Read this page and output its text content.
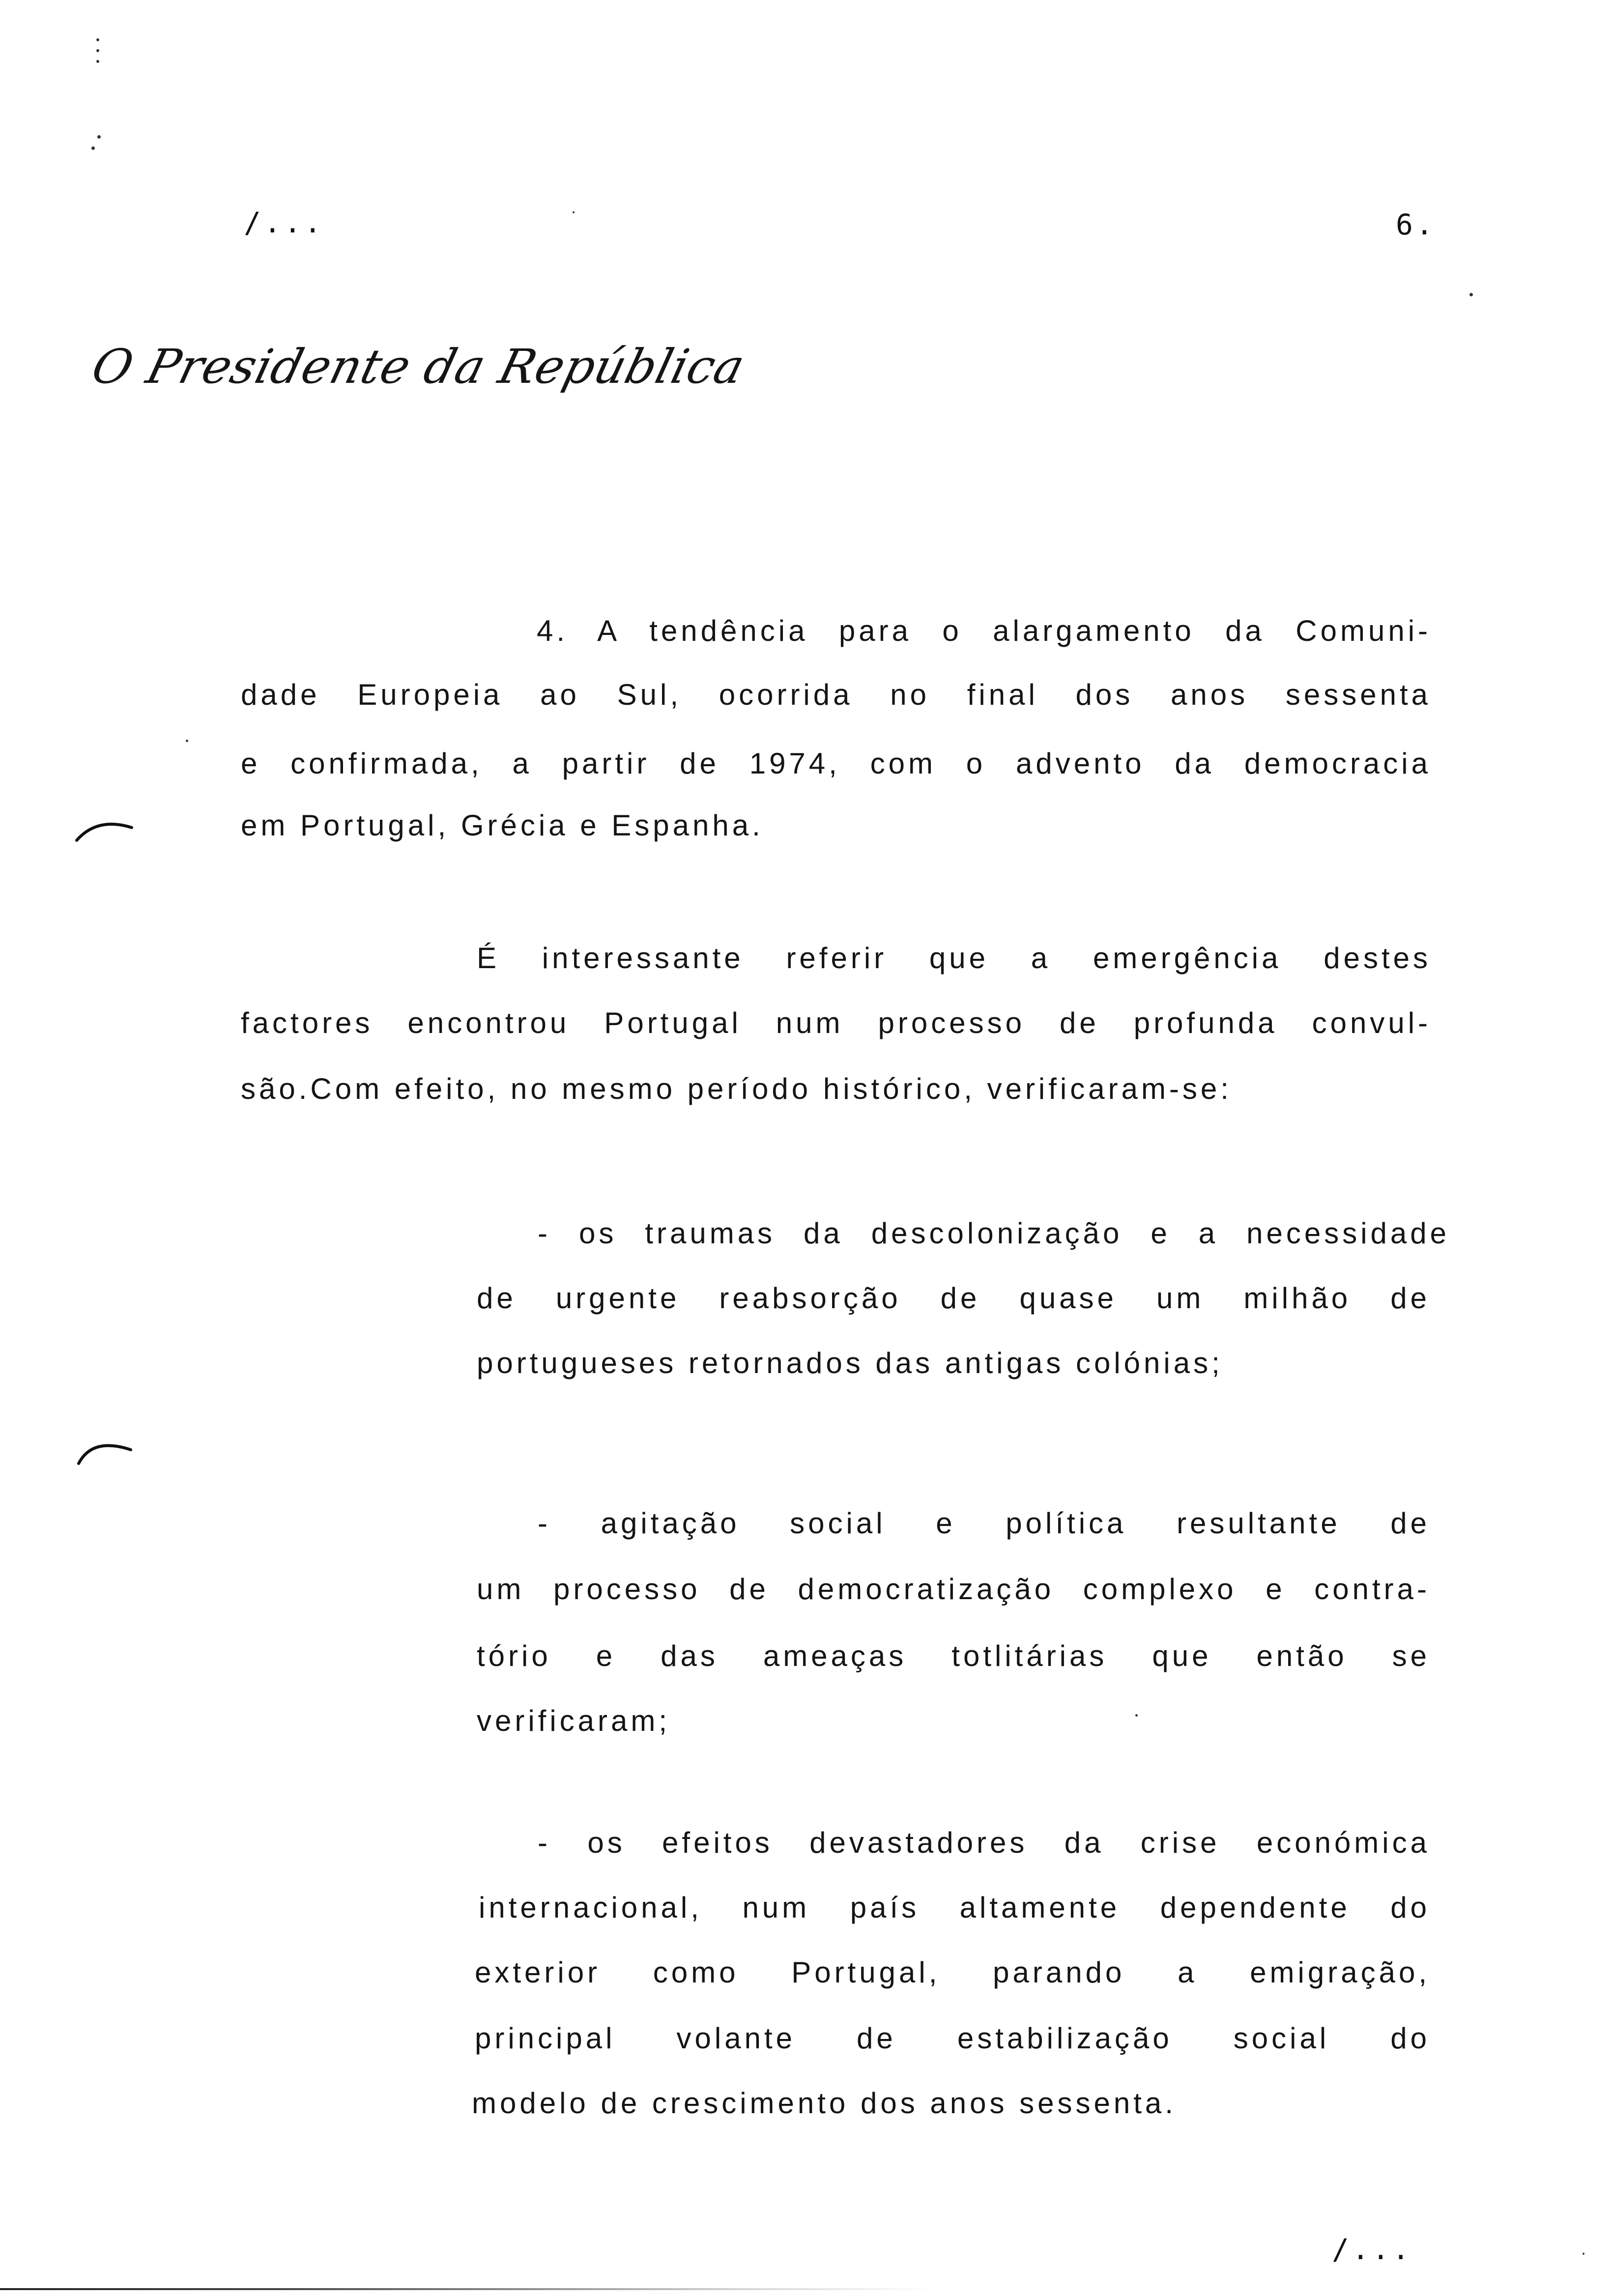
/...	6.
O Presidente da República
4. A tendência para o alargamento da Comuni-
dade Europeia ao Sul, ocorrida no final dos anos sessenta
e confirmada, a partir de 1974, com o advento da democracia
em Portugal, Grécia e Espanha.
É interessante referir que a emergência destes
factores encontrou Portugal num processo de profunda convul-
são.Com efeito, no mesmo período histórico, verificaram-se:
- os traumas da descolonização e a necessidade
de urgente reabsorção de quase um milhão de
portugueses retornados das antigas colónias;
- agitação social e política resultante de
um processo de democratização complexo e contra-
tório e das ameaças totlitárias que então se
verificaram;
- os efeitos devastadores da crise económica
internacional, num país altamente dependente do
exterior como Portugal, parando a emigração,
principal volante de estabilização social do
modelo de crescimento dos anos sessenta.
/...
